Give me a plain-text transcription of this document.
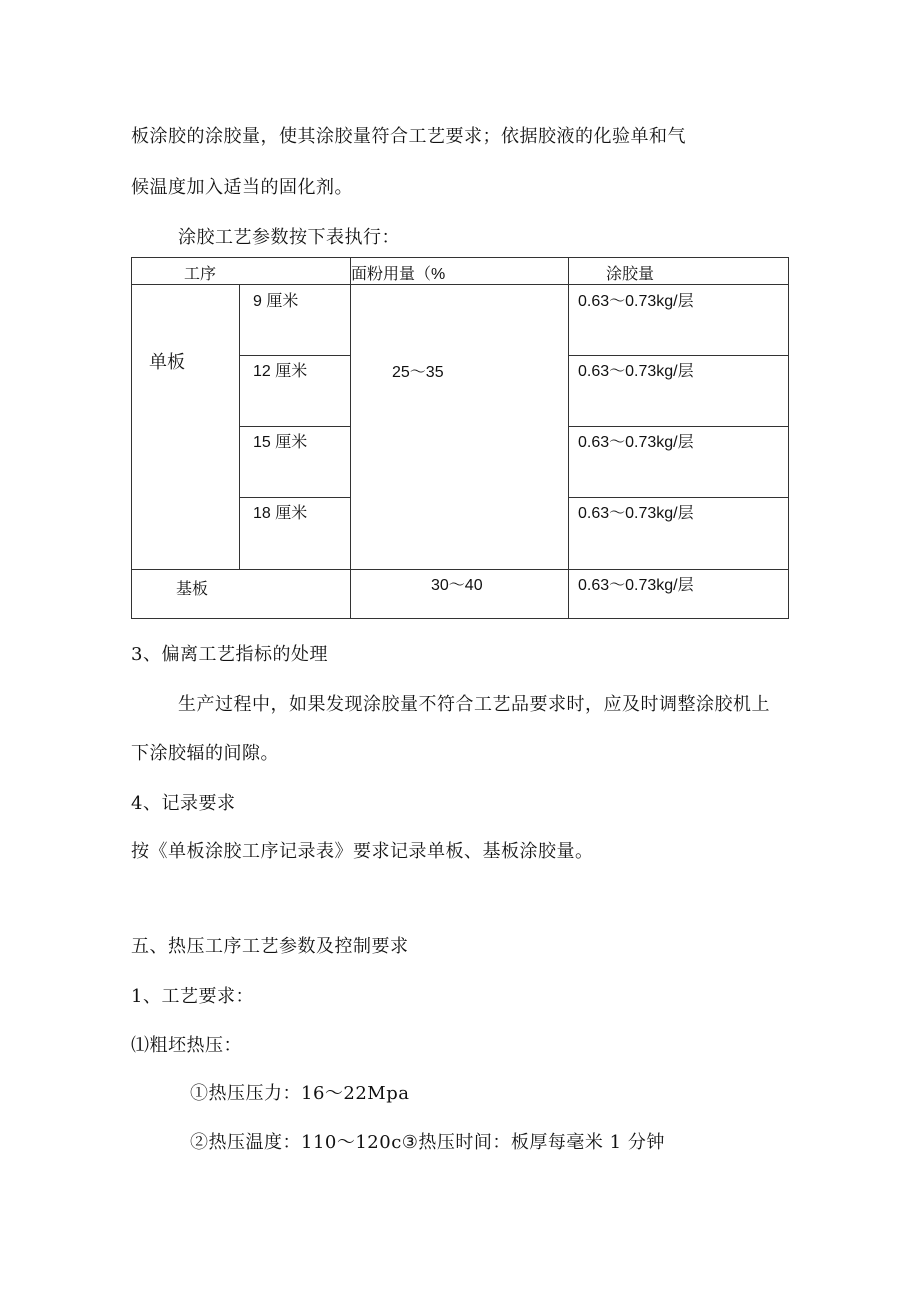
板涂胶的涂胶量，使其涂胶量符合工艺要求；依据胶液的化验单和气
候温度加入适当的固化剂。
涂胶工艺参数按下表执行：
工序		面粉用量（%	涂胶量

单板	9 厘米	25～35	0.63～0.73kg/层

	12 厘米		0.63～0.73kg/层

	15 厘米		0.63～0.73kg/层

	18 厘米		0.63～0.73kg/层

基板		30～40	0.63～0.73kg/层
3、偏离工艺指标的处理
生产过程中，如果发现涂胶量不符合工艺品要求时，应及时调整涂胶机上
下涂胶辐的间隙。
4、记录要求
按《单板涂胶工序记录表》要求记录单板、基板涂胶量。
五、热压工序工艺参数及控制要求
1、工艺要求：
⑴粗坯热压：
①热压压力：16～22Mpa
②热压温度：110～120c③热压时间：板厚每毫米 1 分钟
